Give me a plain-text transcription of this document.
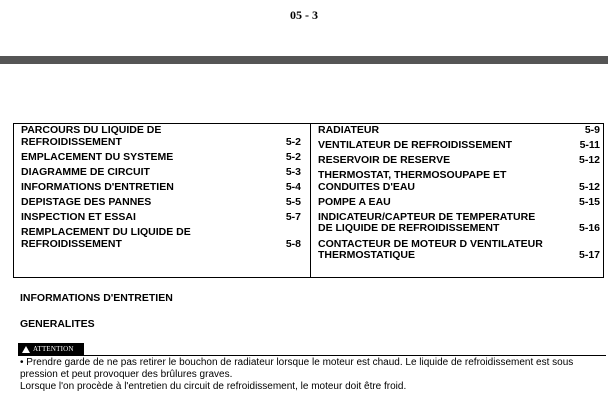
05 - 3
PARCOURS DU LIQUIDE DE REFROIDISSEMENT	5-2
EMPLACEMENT DU SYSTEME	5-2
DIAGRAMME DE CIRCUIT	5-3
INFORMATIONS D'ENTRETIEN	5-4
DEPISTAGE DES PANNES	5-5
INSPECTION ET ESSAI	5-7
REMPLACEMENT DU LIQUIDE DE REFROIDISSEMENT	5-8
RADIATEUR	5-9
VENTILATEUR DE REFROIDISSEMENT	5-11
RESERVOIR DE RESERVE	5-12
THERMOSTAT, THERMOSOUPAPE ET CONDUITES D'EAU	5-12
POMPE A EAU	5-15
INDICATEUR/CAPTEUR DE TEMPERATURE DE LIQUIDE DE REFROIDISSEMENT	5-16
CONTACTEUR DE MOTEUR D VENTILATEUR THERMOSTATIQUE	5-17
INFORMATIONS D'ENTRETIEN
GENERALITES
ATTENTION
• Prendre garde de ne pas retirer le bouchon de radiateur lorsque le moteur est chaud. Le liquide de refroidissement est sous pression et peut provoquer des brûlures graves.
Lorsque l'on procède à l'entretien du circuit de refroidissement, le moteur doit être froid.
